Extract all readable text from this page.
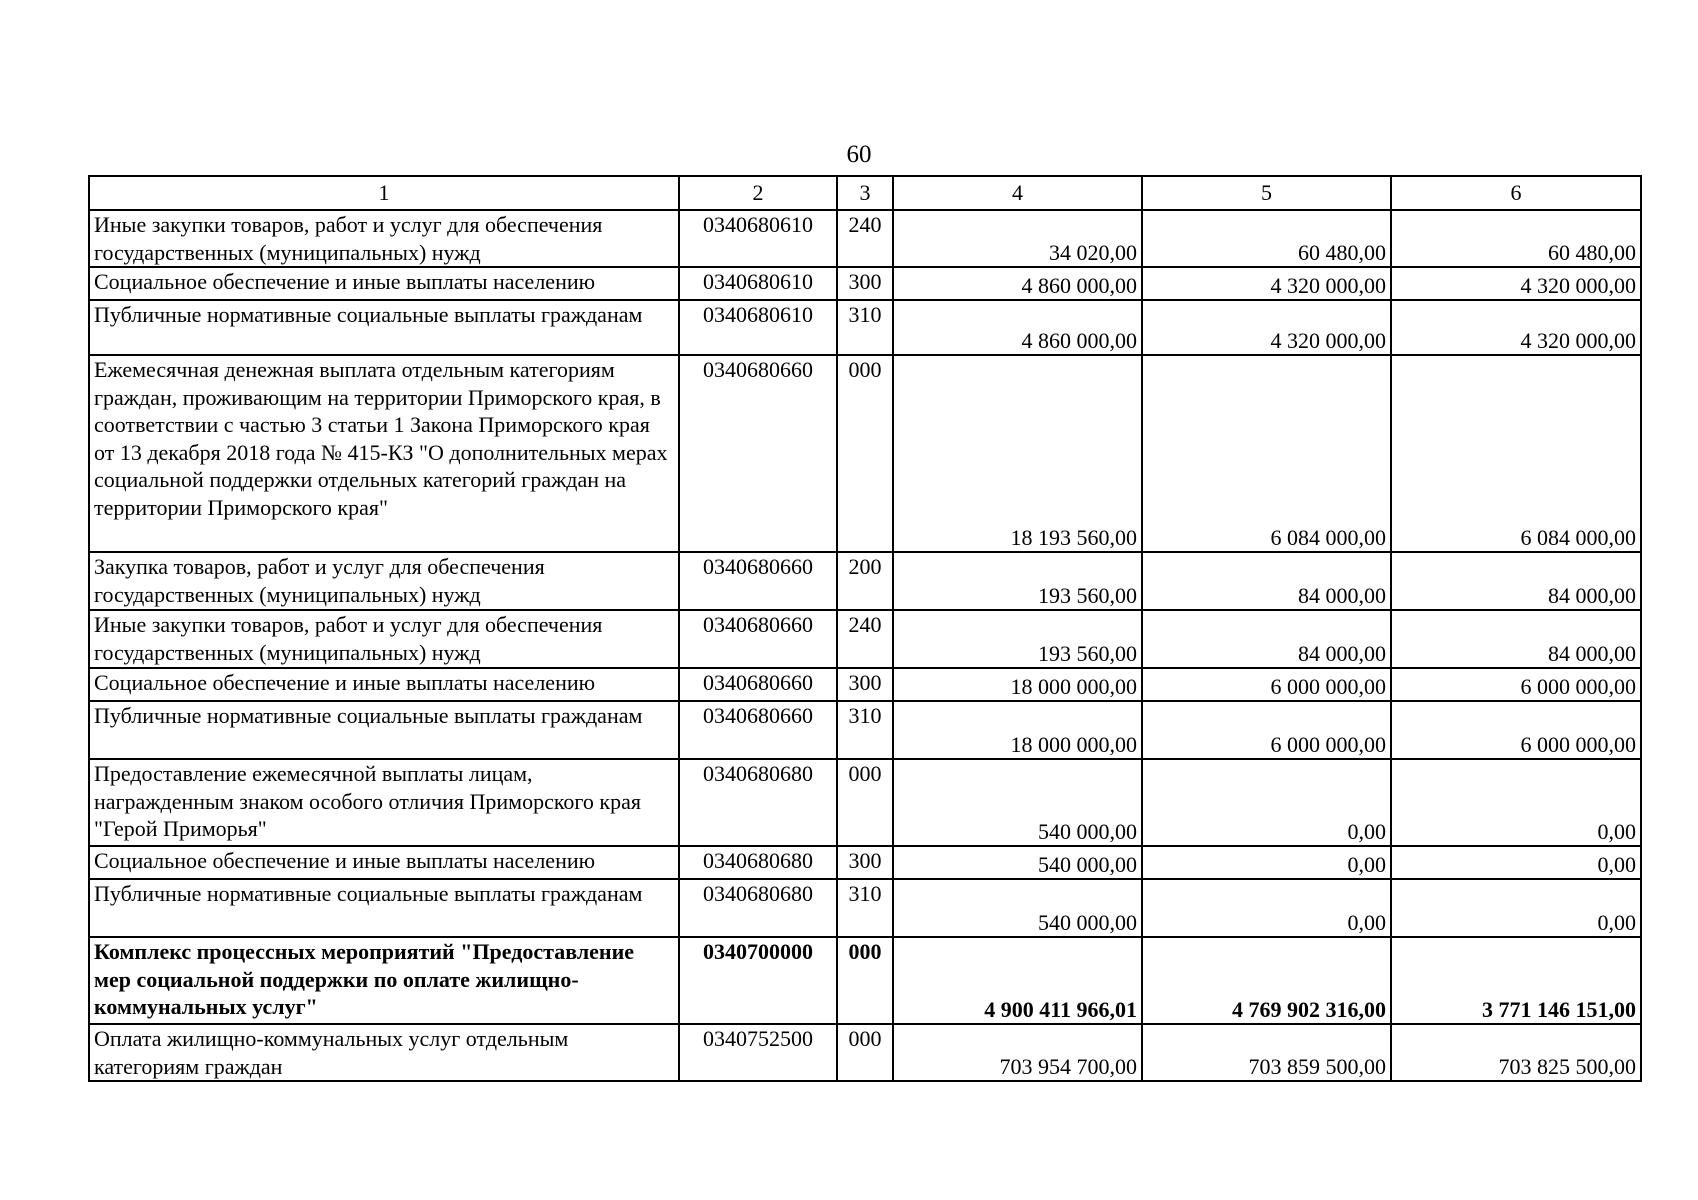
60
1	2	3	4	5	6
Иные закупки товаров, работ и услуг для обеспечения государственных (муниципальных) нужд	0340680610	240	34 020,00	60 480,00	60 480,00
Социальное обеспечение и иные выплаты населению	0340680610	300	4 860 000,00	4 320 000,00	4 320 000,00
Публичные нормативные социальные выплаты гражданам	0340680610	310	4 860 000,00	4 320 000,00	4 320 000,00
Ежемесячная денежная выплата отдельным категориям граждан, проживающим на территории Приморского края, в соответствии с частью 3 статьи 1 Закона Приморского края от 13 декабря 2018 года № 415-КЗ "О дополнительных мерах социальной поддержки отдельных категорий граждан на территории Приморского края"	0340680660	000	18 193 560,00	6 084 000,00	6 084 000,00
Закупка товаров, работ и услуг для обеспечения государственных (муниципальных) нужд	0340680660	200	193 560,00	84 000,00	84 000,00
Иные закупки товаров, работ и услуг для обеспечения государственных (муниципальных) нужд	0340680660	240	193 560,00	84 000,00	84 000,00
Социальное обеспечение и иные выплаты населению	0340680660	300	18 000 000,00	6 000 000,00	6 000 000,00
Публичные нормативные социальные выплаты гражданам	0340680660	310	18 000 000,00	6 000 000,00	6 000 000,00
Предоставление ежемесячной выплаты лицам, награжденным знаком особого отличия Приморского края "Герой Приморья"	0340680680	000	540 000,00	0,00	0,00
Социальное обеспечение и иные выплаты населению	0340680680	300	540 000,00	0,00	0,00
Публичные нормативные социальные выплаты гражданам	0340680680	310	540 000,00	0,00	0,00
Комплекс процессных мероприятий "Предоставление мер социальной поддержки по оплате жилищно-коммунальных услуг"	0340700000	000	4 900 411 966,01	4 769 902 316,00	3 771 146 151,00
Оплата жилищно-коммунальных услуг отдельным категориям граждан	0340752500	000	703 954 700,00	703 859 500,00	703 825 500,00
